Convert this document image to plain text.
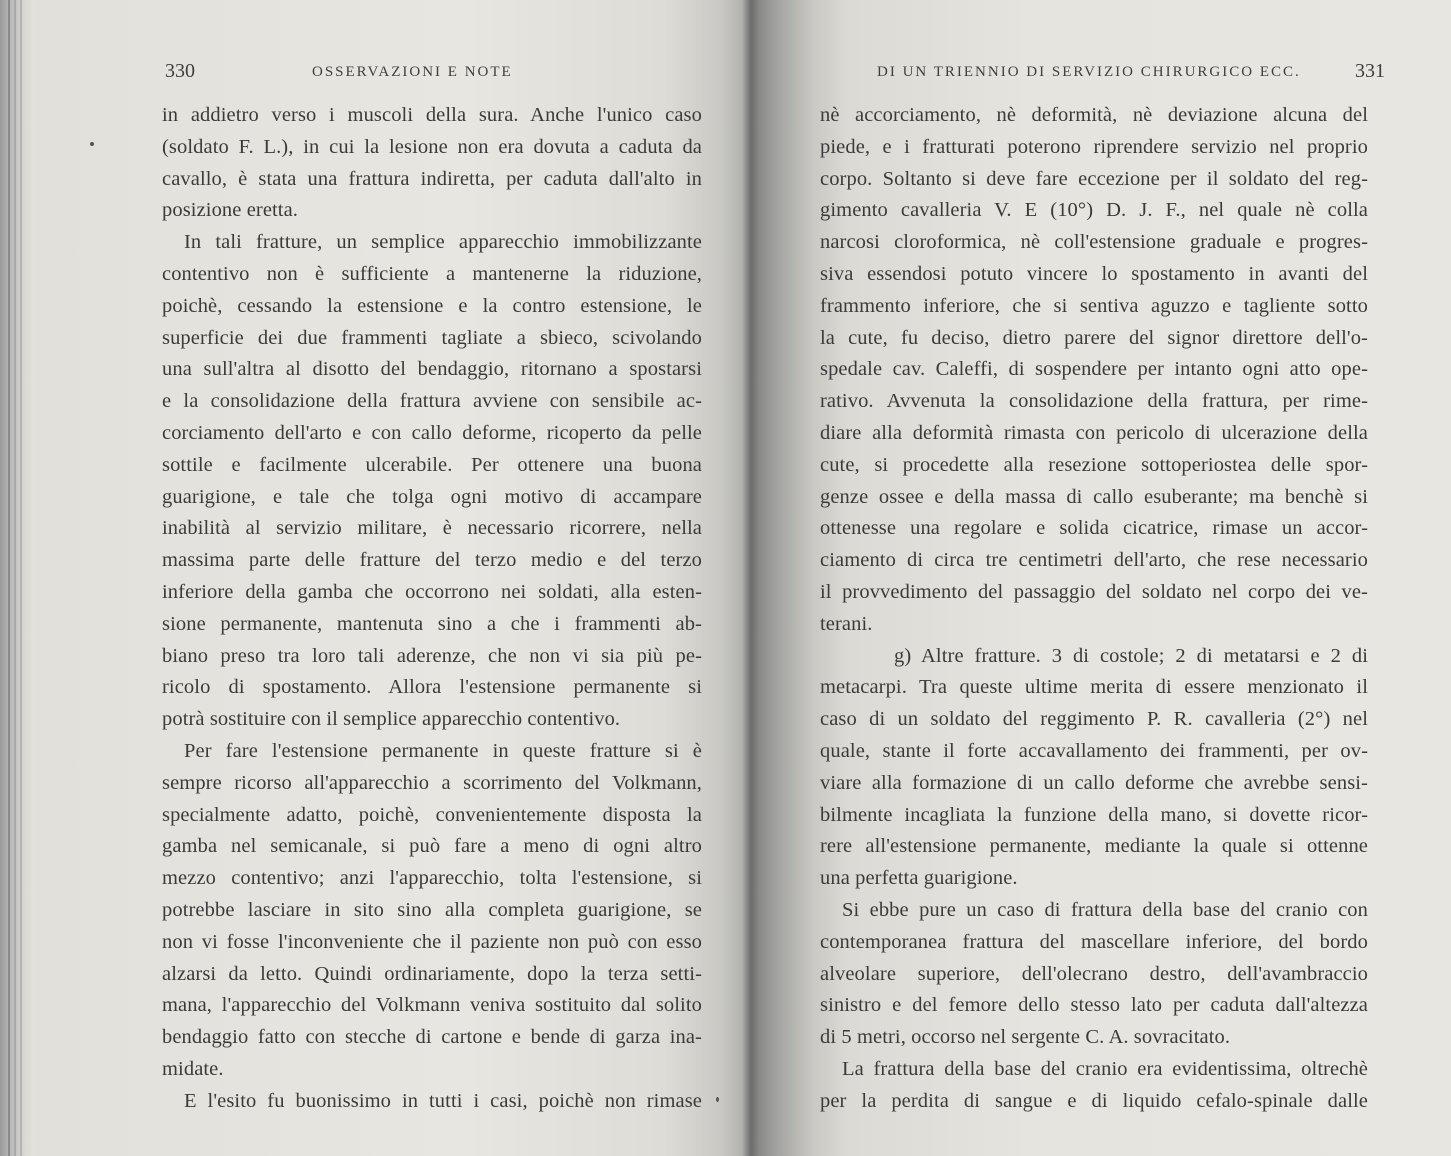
330	OSSERVAZIONI E NOTE	DI UN TRIENNIO DI SERVIZIO CHIRURGICO ECC.	331
in addietro verso i muscoli della sura. Anche l'unico caso
(soldato F. L.), in cui la lesione non era dovuta a caduta da
cavallo, è stata una frattura indiretta, per caduta dall'alto in
posizione eretta.
In tali fratture, un semplice apparecchio immobilizzante
contentivo non è sufficiente a mantenerne la riduzione,
poichè, cessando la estensione e la contro estensione, le
superficie dei due frammenti tagliate a sbieco, scivolando
una sull'altra al disotto del bendaggio, ritornano a spostarsi
e la consolidazione della frattura avviene con sensibile ac-
corciamento dell'arto e con callo deforme, ricoperto da pelle
sottile e facilmente ulcerabile. Per ottenere una buona
guarigione, e tale che tolga ogni motivo di accampare
inabilità al servizio militare, è necessario ricorrere, nella
massima parte delle fratture del terzo medio e del terzo
inferiore della gamba che occorrono nei soldati, alla esten-
sione permanente, mantenuta sino a che i frammenti ab-
biano preso tra loro tali aderenze, che non vi sia più pe-
ricolo di spostamento. Allora l'estensione permanente si
potrà sostituire con il semplice apparecchio contentivo.
Per fare l'estensione permanente in queste fratture si è
sempre ricorso all'apparecchio a scorrimento del Volkmann,
specialmente adatto, poichè, convenientemente disposta la
gamba nel semicanale, si può fare a meno di ogni altro
mezzo contentivo; anzi l'apparecchio, tolta l'estensione, si
potrebbe lasciare in sito sino alla completa guarigione, se
non vi fosse l'inconveniente che il paziente non può con esso
alzarsi da letto. Quindi ordinariamente, dopo la terza setti-
mana, l'apparecchio del Volkmann veniva sostituito dal solito
bendaggio fatto con stecche di cartone e bende di garza ina-
midate.
E l'esito fu buonissimo in tutti i casi, poichè non rimase
nè accorciamento, nè deformità, nè deviazione alcuna del
piede, e i fratturati poterono riprendere servizio nel proprio
corpo. Soltanto si deve fare eccezione per il soldato del reg-
gimento cavalleria V. E (10°) D. J. F., nel quale nè colla
narcosi cloroformica, nè coll'estensione graduale e progres-
siva essendosi potuto vincere lo spostamento in avanti del
frammento inferiore, che si sentiva aguzzo e tagliente sotto
la cute, fu deciso, dietro parere del signor direttore dell'o-
spedale cav. Caleffi, di sospendere per intanto ogni atto ope-
rativo. Avvenuta la consolidazione della frattura, per rime-
diare alla deformità rimasta con pericolo di ulcerazione della
cute, si procedette alla resezione sottoperiostea delle spor-
genze ossee e della massa di callo esuberante; ma benchè si
ottenesse una regolare e solida cicatrice, rimase un accor-
ciamento di circa tre centimetri dell'arto, che rese necessario
il provvedimento del passaggio del soldato nel corpo dei ve-
terani.
g) Altre fratture. 3 di costole; 2 di metatarsi e 2 di
metacarpi. Tra queste ultime merita di essere menzionato il
caso di un soldato del reggimento P. R. cavalleria (2°) nel
quale, stante il forte accavallamento dei frammenti, per ov-
viare alla formazione di un callo deforme che avrebbe sensi-
bilmente incagliata la funzione della mano, si dovette ricor-
rere all'estensione permanente, mediante la quale si ottenne
una perfetta guarigione.
Si ebbe pure un caso di frattura della base del cranio con
contemporanea frattura del mascellare inferiore, del bordo
alveolare superiore, dell'olecrano destro, dell'avambraccio
sinistro e del femore dello stesso lato per caduta dall'altezza
di 5 metri, occorso nel sergente C. A. sovracitato.
La frattura della base del cranio era evidentissima, oltrechè
per la perdita di sangue e di liquido cefalo-spinale dalle
